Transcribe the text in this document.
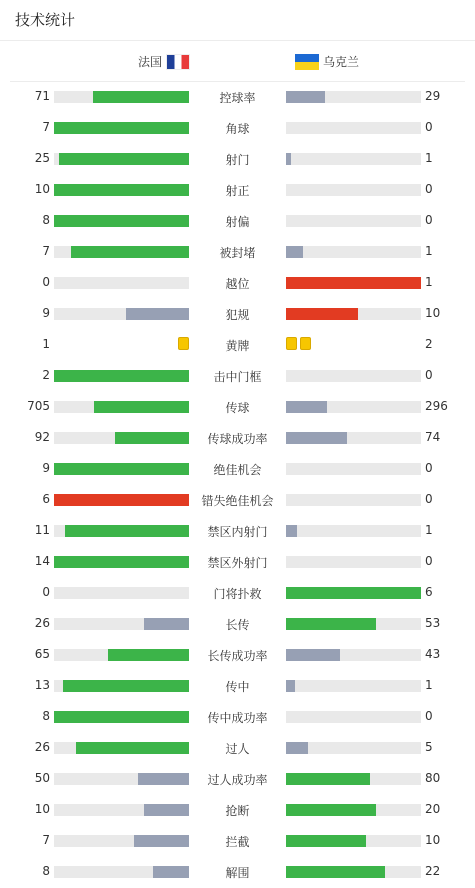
技术统计
法国	乌克兰
71	控球率	29
7	角球	0
25	射门	1
10	射正	0
8	射偏	0
7	被封堵	1
0	越位	1
9	犯规	10
1	黄牌	2
2	击中门框	0
705	传球	296
92	传球成功率	74
9	绝佳机会	0
6	错失绝佳机会	0
11	禁区内射门	1
14	禁区外射门	0
0	门将扑救	6
26	长传	53
65	长传成功率	43
13	传中	1
8	传中成功率	0
26	过人	5
50	过人成功率	80
10	抢断	20
7	拦截	10
8	解围	22
